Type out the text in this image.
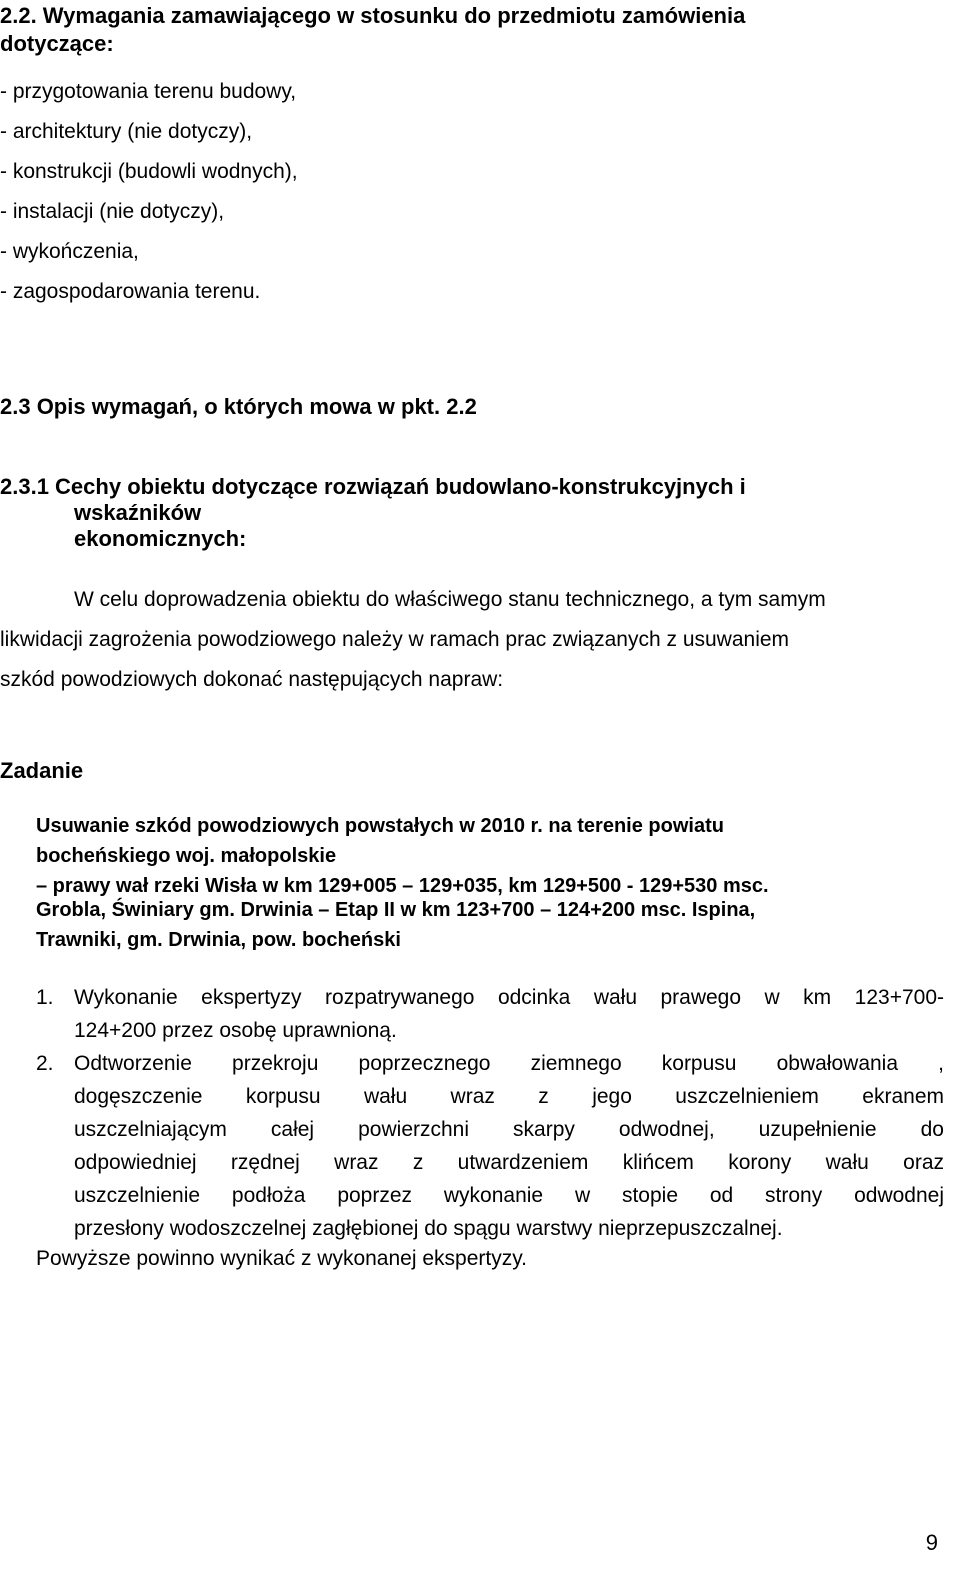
2.2. Wymagania zamawiającego w stosunku do przedmiotu zamówienia
dotyczące:
- przygotowania terenu budowy,
- architektury (nie dotyczy),
- konstrukcji (budowli wodnych),
- instalacji (nie dotyczy),
- wykończenia,
- zagospodarowania terenu.
2.3 Opis wymagań, o których mowa w pkt. 2.2
2.3.1 Cechy obiektu dotyczące rozwiązań budowlano-konstrukcyjnych i
wskaźników
ekonomicznych:
W celu doprowadzenia obiektu do właściwego stanu technicznego, a tym samym
likwidacji zagrożenia powodziowego należy w ramach prac związanych z usuwaniem
szkód powodziowych dokonać następujących napraw:
Zadanie
Usuwanie szkód powodziowych powstałych w 2010 r. na terenie powiatu
bocheńskiego woj. małopolskie
– prawy wał rzeki Wisła w km 129+005 – 129+035, km 129+500 - 129+530 msc.
Grobla, Świniary gm. Drwinia – Etap II w km 123+700 – 124+200 msc. Ispina,
Trawniki, gm. Drwinia, pow. bocheński
1. Wykonanie ekspertyzy rozpatrywanego odcinka wału prawego w km 123+700-
124+200 przez osobę uprawnioną.
2. Odtworzenie przekroju poprzecznego ziemnego korpusu obwałowania ,
dogęszczenie korpusu wału wraz z jego uszczelnieniem ekranem
uszczelniającym całej powierzchni skarpy odwodnej, uzupełnienie do
odpowiedniej rzędnej wraz z utwardzeniem klińcem korony wału oraz
uszczelnienie podłoża poprzez wykonanie w stopie od strony odwodnej
przesłony wodoszczelnej zagłębionej do spągu warstwy nieprzepuszczalnej.
Powyższe powinno wynikać z wykonanej ekspertyzy.
9
